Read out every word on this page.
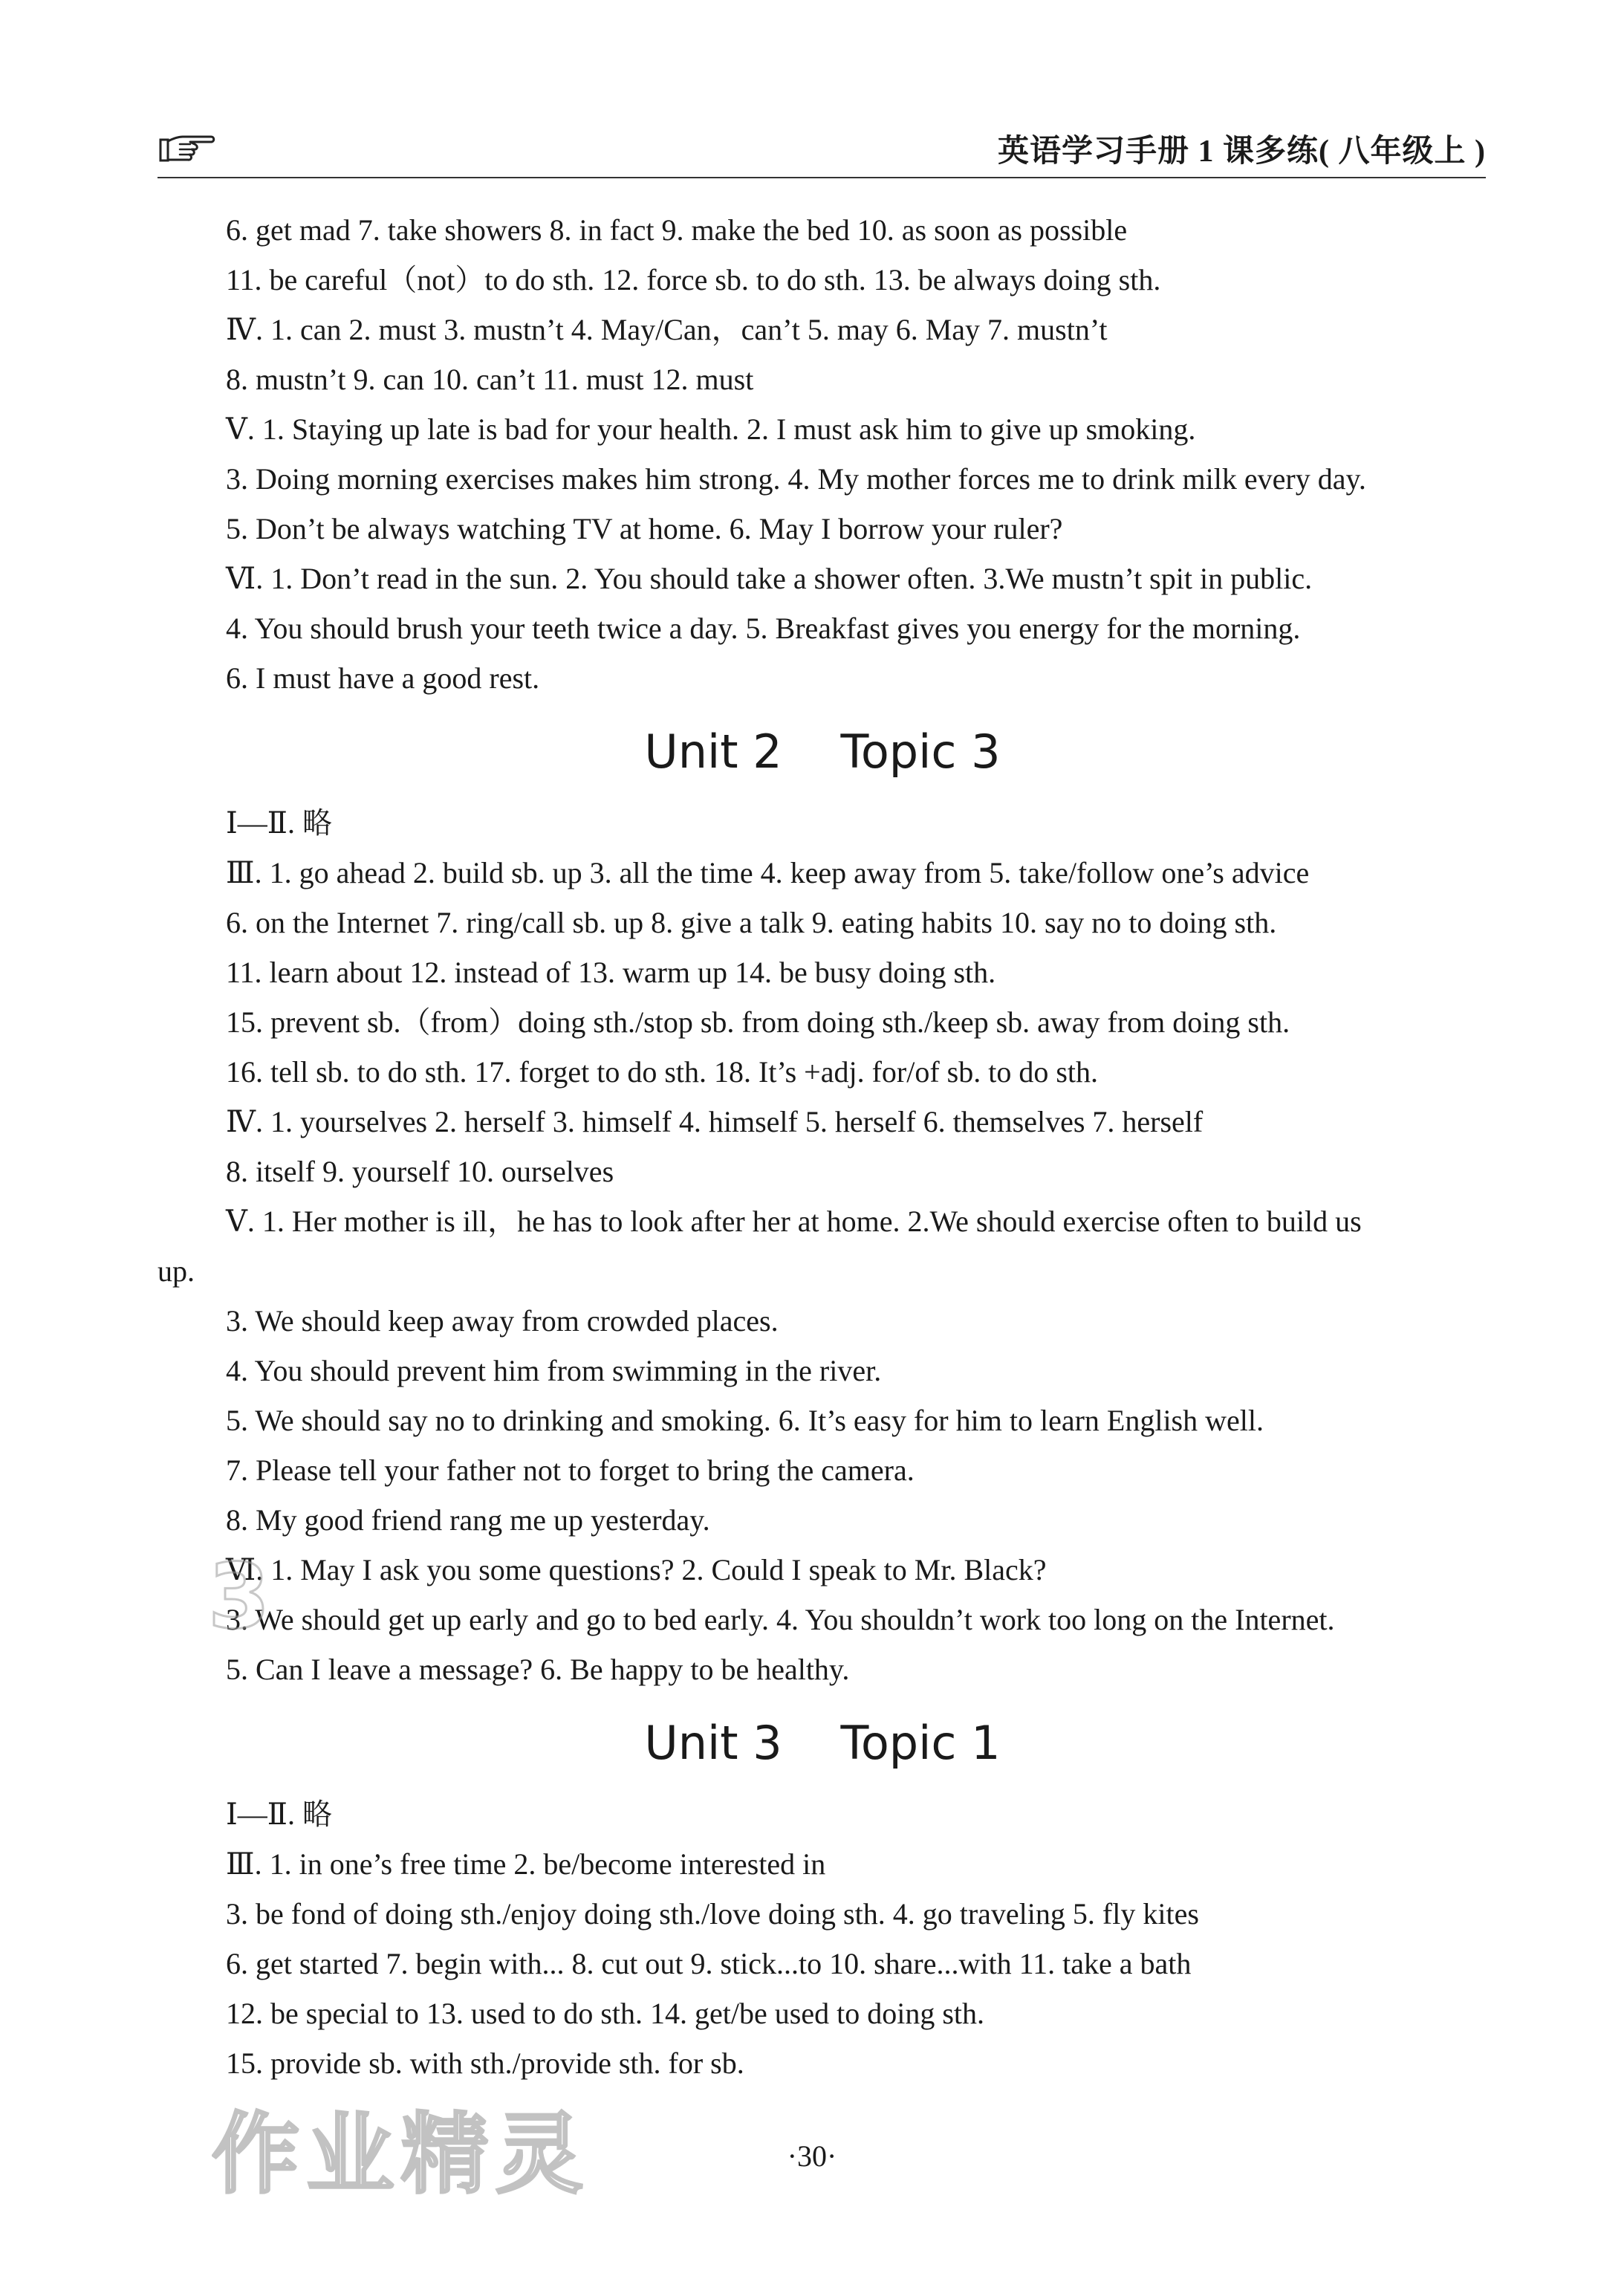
英语学习手册 1 课多练( 八年级上 )
6. get mad 7. take showers 8. in fact 9. make the bed 10. as soon as possible
11. be careful（not）to do sth. 12. force sb. to do sth. 13. be always doing sth.
Ⅳ. 1. can 2. must 3. mustn’t 4. May/Can，can’t 5. may 6. May 7. mustn’t
8. mustn’t 9. can 10. can’t 11. must 12. must
Ⅴ. 1. Staying up late is bad for your health. 2. I must ask him to give up smoking.
3. Doing morning exercises makes him strong. 4. My mother forces me to drink milk every day.
5. Don’t be always watching TV at home. 6. May I borrow your ruler?
Ⅵ. 1. Don’t read in the sun. 2. You should take a shower often. 3.We mustn’t spit in public.
4. You should brush your teeth twice a day. 5. Breakfast gives you energy for the morning.
6. I must have a good rest.
Unit 2    Topic 3
Ⅰ—Ⅱ. 略
Ⅲ. 1. go ahead 2. build sb. up 3. all the time 4. keep away from 5. take/follow one’s advice
6. on the Internet 7. ring/call sb. up 8. give a talk 9. eating habits 10. say no to doing sth.
11. learn about 12. instead of 13. warm up 14. be busy doing sth.
15. prevent sb.（from）doing sth./stop sb. from doing sth./keep sb. away from doing sth.
16. tell sb. to do sth. 17. forget to do sth. 18. It’s +adj. for/of sb. to do sth.
Ⅳ. 1. yourselves 2. herself 3. himself 4. himself 5. herself 6. themselves 7. herself
8. itself 9. yourself 10. ourselves
Ⅴ. 1. Her mother is ill，he has to look after her at home. 2.We should exercise often to build us
up.
3. We should keep away from crowded places.
4. You should prevent him from swimming in the river.
5. We should say no to drinking and smoking. 6. It’s easy for him to learn English well.
7. Please tell your father not to forget to bring the camera.
8. My good friend rang me up yesterday.
Ⅵ. 1. May I ask you some questions? 2. Could I speak to Mr. Black?
3. We should get up early and go to bed early. 4. You shouldn’t work too long on the Internet.
5. Can I leave a message? 6. Be happy to be healthy.
Unit 3    Topic 1
Ⅰ—Ⅱ. 略
Ⅲ. 1. in one’s free time 2. be/become interested in
3. be fond of doing sth./enjoy doing sth./love doing sth. 4. go traveling 5. fly kites
6. get started 7. begin with... 8. cut out 9. stick...to 10. share...with 11. take a bath
12. be special to 13. used to do sth. 14. get/be used to doing sth.
15. provide sb. with sth./provide sth. for sb.
·30·
3
作业精灵
